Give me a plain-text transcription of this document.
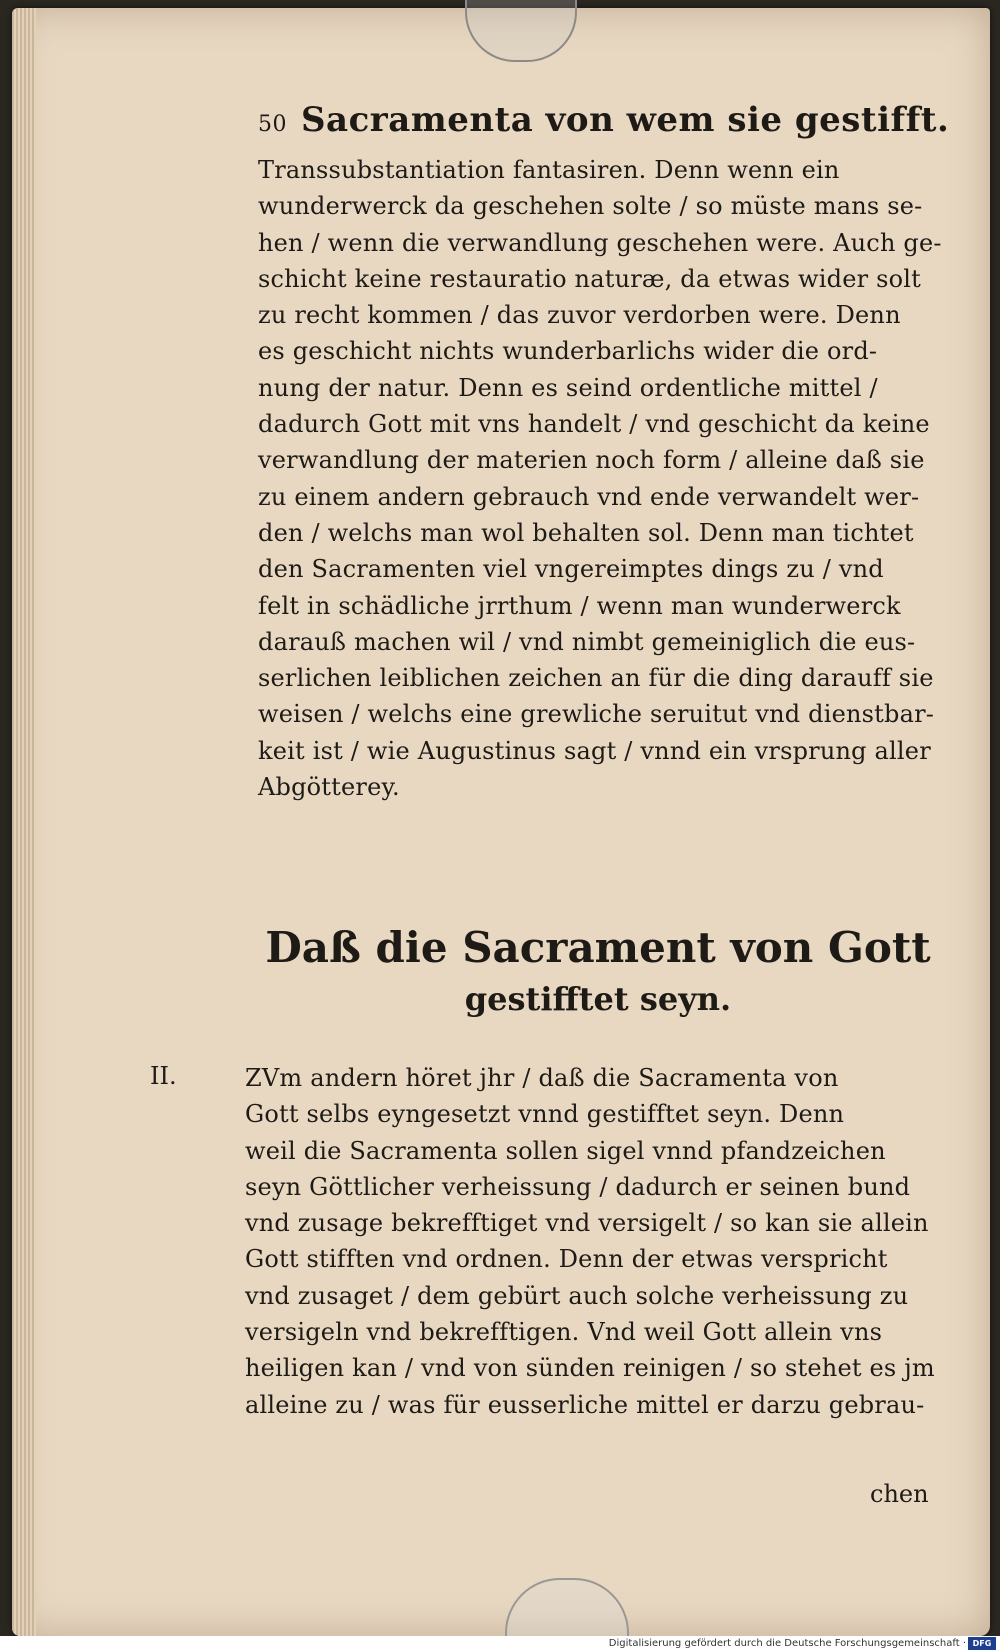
50 Sacramenta von wem sie gestifft.
Transsubstantiation fantasiren. Denn wenn ein
wunderwerck da geschehen solte / so müste mans se-
hen / wenn die verwandlung geschehen were. Auch ge-
schicht keine restauratio naturæ, da etwas wider solt
zu recht kommen / das zuvor verdorben were. Denn
es geschicht nichts wunderbarlichs wider die ord-
nung der natur. Denn es seind ordentliche mittel /
dadurch Gott mit vns handelt / vnd geschicht da keine
verwandlung der materien noch form / alleine daß sie
zu einem andern gebrauch vnd ende verwandelt wer-
den / welchs man wol behalten sol. Denn man tichtet
den Sacramenten viel vngereimptes dings zu / vnd
felt in schädliche jrrthum / wenn man wunderwerck
darauß machen wil / vnd nimbt gemeiniglich die eus-
serlichen leiblichen zeichen an für die ding darauff sie
weisen / welchs eine grewliche seruitut vnd dienstbar-
keit ist / wie Augustinus sagt / vnnd ein vrsprung aller
Abgötterey.
Daß die Sacrament von Gott
gestifftet seyn.
II.	ZVm andern höret jhr / daß die Sacramenta von
Gott selbs eyngesetzt vnnd gestifftet seyn. Denn
weil die Sacramenta sollen sigel vnnd pfandzeichen
seyn Göttlicher verheissung / dadurch er seinen bund
vnd zusage bekrefftiget vnd versigelt / so kan sie allein
Gott stifften vnd ordnen. Denn der etwas verspricht
vnd zusaget / dem gebürt auch solche verheissung zu
versigeln vnd bekrefftigen. Vnd weil Gott allein vns
heiligen kan / vnd von sünden reinigen / so stehet es jm
alleine zu / was für eusserliche mittel er darzu gebrau-
chen
Digitalisierung gefördert durch die Deutsche Forschungsgemeinschaft · DFG
